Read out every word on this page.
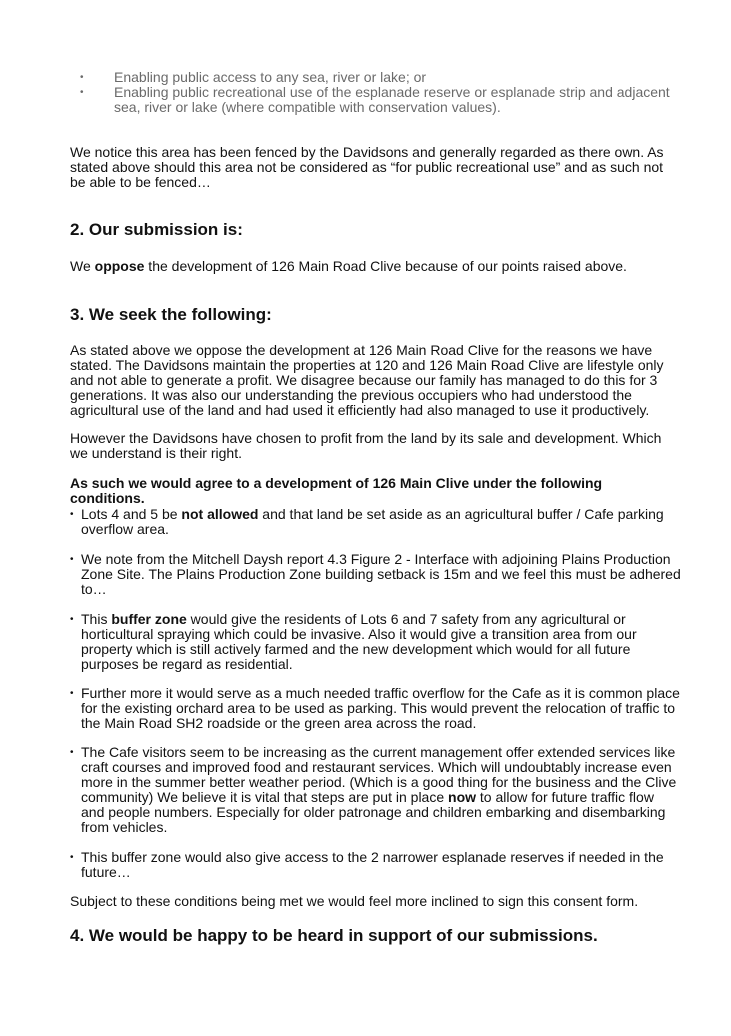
• Enabling public access to any sea, river or lake; or
• Enabling public recreational use of the esplanade reserve or esplanade strip and adjacent sea, river or lake (where compatible with conservation values).

We notice this area has been fenced by the Davidsons and generally regarded as there own. As stated above should this area not be considered as “for public recreational use” and as such not be able to be fenced…

2. Our submission is:

We oppose the development of 126 Main Road Clive because of our points raised above.

3. We seek the following:

As stated above we oppose the development at 126 Main Road Clive for the reasons we have stated. The Davidsons maintain the properties at 120 and 126 Main Road Clive are lifestyle only and not able to generate a profit. We disagree because our family has managed to do this for 3 generations. It was also our understanding the previous occupiers who had understood the agricultural use of the land and had used it efficiently had also managed to use it productively.

However the Davidsons have chosen to profit from the land by its sale and development. Which we understand is their right.

As such we would agree to a development of 126 Main Clive under the following conditions.

• Lots 4 and 5 be not allowed and that land be set aside as an agricultural buffer / Cafe parking overflow area.

• We note from the Mitchell Daysh report 4.3 Figure 2 - Interface with adjoining Plains Production Zone Site. The Plains Production Zone building setback is 15m and we feel this must be adhered to…

• This buffer zone would give the residents of Lots 6 and 7 safety from any agricultural or horticultural spraying which could be invasive. Also it would give a transition area from our property which is still actively farmed and the new development which would for all future purposes be regard as residential.

• Further more it would serve as a much needed traffic overflow for the Cafe as it is common place for the existing orchard area to be used as parking. This would prevent the relocation of traffic to the Main Road SH2 roadside or the green area across the road.

• The Cafe visitors seem to be increasing as the current management offer extended services like craft courses and improved food and restaurant services. Which will undoubtably increase even more in the summer better weather period. (Which is a good thing for the business and the Clive community) We believe it is vital that steps are put in place now to allow for future traffic flow and people numbers. Especially for older patronage and children embarking and disembarking from vehicles.

• This buffer zone would also give access to the 2 narrower esplanade reserves if needed in the future…

Subject to these conditions being met we would feel more inclined to sign this consent form.

4. We would be happy to be heard in support of our submissions.
